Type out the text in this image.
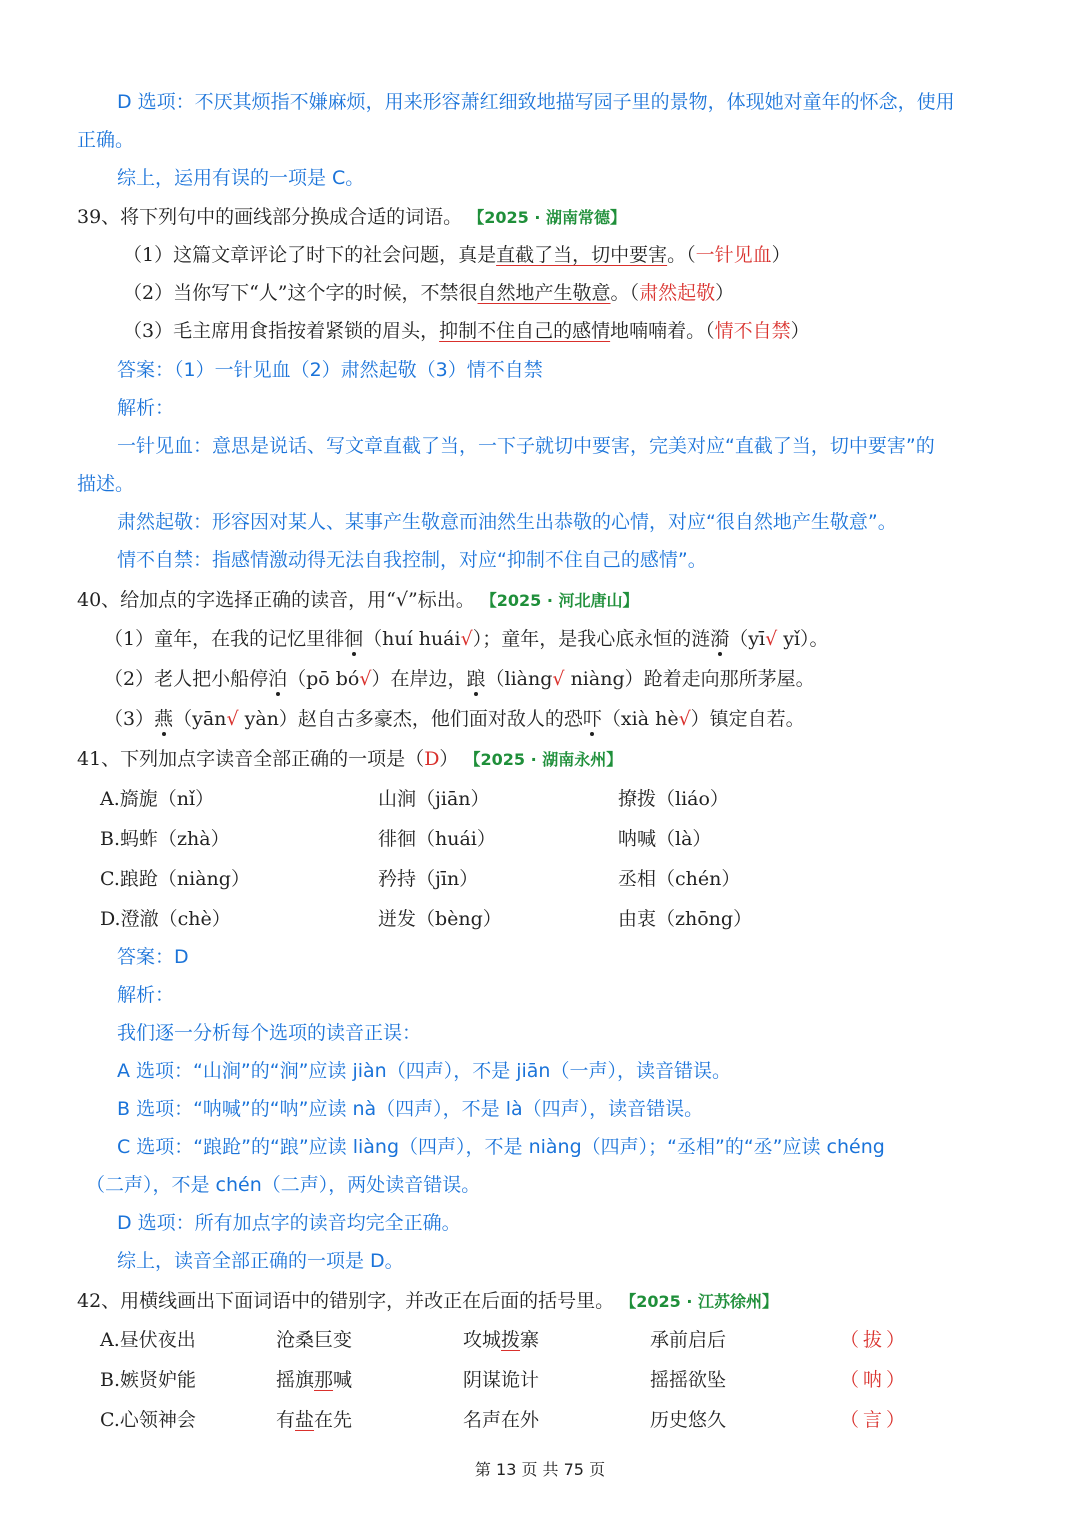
D 选项：不厌其烦指不嫌麻烦，用来形容萧红细致地描写园子里的景物，体现她对童年的怀念，使用
正确。
综上，运用有误的一项是 C。
39、将下列句中的画线部分换成合适的词语。 【2025 · 湖南常德】
（1）这篇文章评论了时下的社会问题，真是直截了当，切中要害。（一针见血）
（2）当你写下“人”这个字的时候，不禁很自然地产生敬意。（肃然起敬）
（3）毛主席用食指按着紧锁的眉头，抑制不住自己的感情地喃喃着。（情不自禁）
答案：（1）一针见血（2）肃然起敬（3）情不自禁
解析：
一针见血：意思是说话、写文章直截了当，一下子就切中要害，完美对应“直截了当，切中要害”的
描述。
肃然起敬：形容因对某人、某事产生敬意而油然生出恭敬的心情，对应“很自然地产生敬意”。
情不自禁：指感情激动得无法自我控制，对应“抑制不住自己的感情”。
40、给加点的字选择正确的读音，用“√”标出。 【2025 · 河北唐山】
（1）童年，在我的记忆里徘徊（huí huái√）；童年，是我心底永恒的涟漪（yī√ yǐ）。
（2）老人把小船停泊（pō bó√）在岸边，踉（liàng√ niàng）跄着走向那所茅屋。
（3）燕（yān√ yàn）赵自古多豪杰，他们面对敌人的恐吓（xià hè√）镇定自若。
41、下列加点字读音全部正确的一项是（D） 【2025 · 湖南永州】
A.旖旎（nǐ）	山涧（jiān）	撩拨（liáo）
B.蚂蚱（zhà）	徘徊（huái）	呐喊（là）
C.踉跄（niàng）	矜持（jīn）	丞相（chén）
D.澄澈（chè）	迸发（bèng）	由衷（zhōng）
答案：D
解析：
我们逐一分析每个选项的读音正误：
A 选项：“山涧”的“涧”应读 jiàn（四声），不是 jiān（一声），读音错误。
B 选项：“呐喊”的“呐”应读 nà（四声），不是 là（四声），读音错误。
C 选项：“踉跄”的“踉”应读 liàng（四声），不是 niàng（四声）；“丞相”的“丞”应读 chéng
（二声），不是 chén（二声），两处读音错误。
D 选项：所有加点字的读音均完全正确。
综上，读音全部正确的一项是 D。
42、用横线画出下面词语中的错别字，并改正在后面的括号里。 【2025 · 江苏徐州】
A.昼伏夜出	沧桑巨变	攻城拨寨	承前启后	（ 拔 ）
B.嫉贤妒能	摇旗那喊	阴谋诡计	摇摇欲坠	（ 呐 ）
C.心领神会	有盐在先	名声在外	历史悠久	（ 言 ）
第 13 页 共 75 页
